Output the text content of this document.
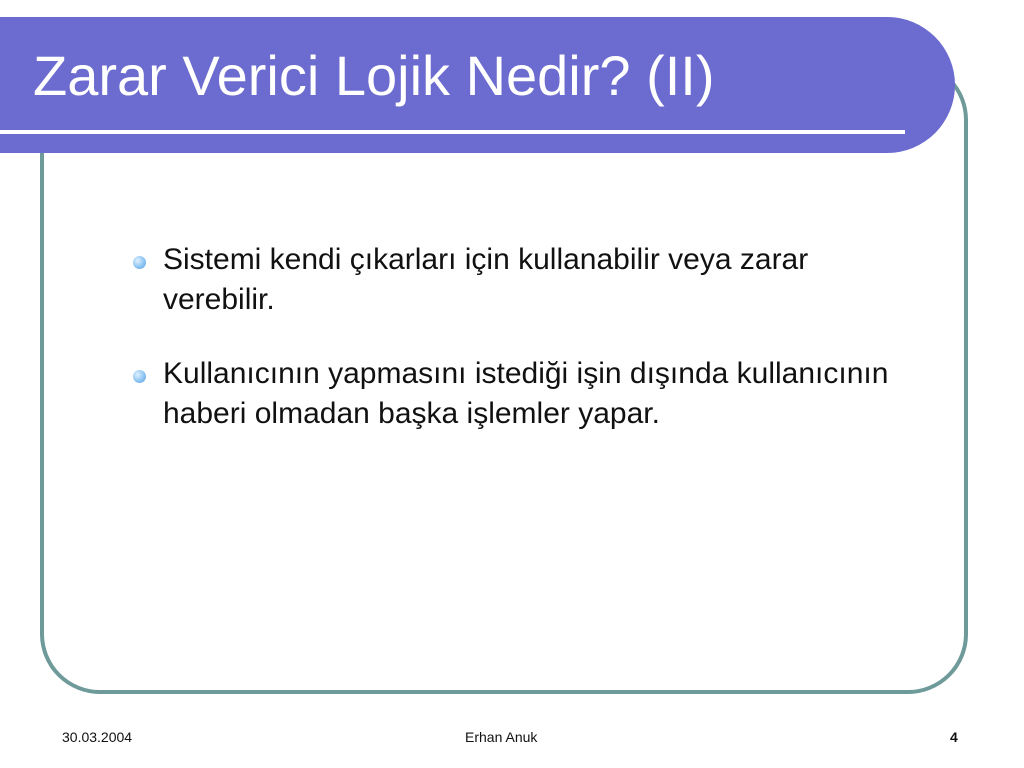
Zarar Verici Lojik Nedir? (II)
Sistemi kendi çıkarları için kullanabilir veya zarar verebilir.
Kullanıcının yapmasını istediği işin dışında kullanıcının haberi olmadan başka işlemler yapar.
30.03.2004	Erhan Anuk	4
